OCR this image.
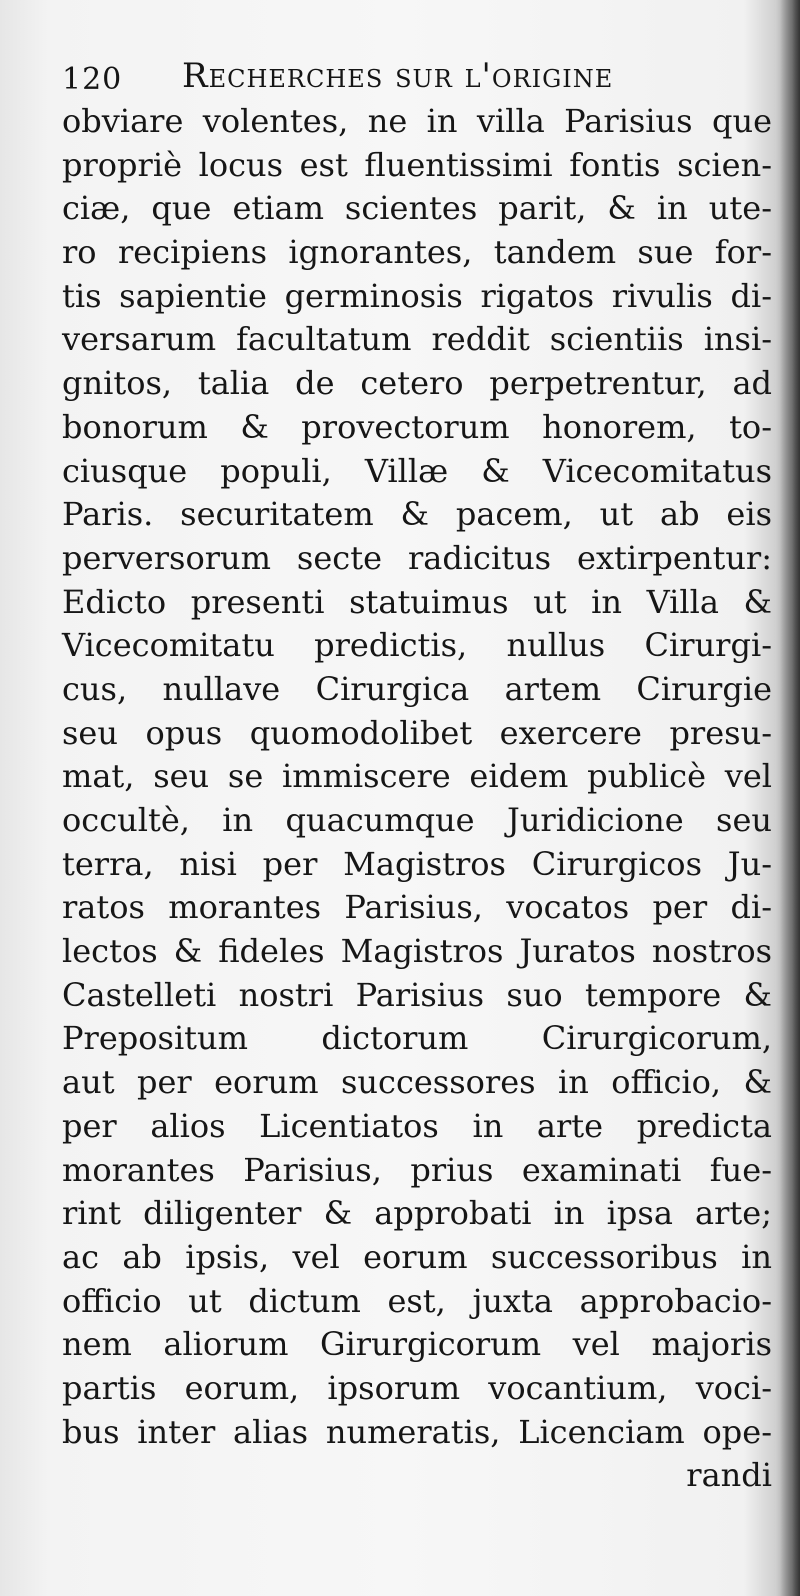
120 Recherches sur l'origine
obviare volentes, ne in villa Parisius que
propriè locus est fluentissimi fontis scien-
ciæ, que etiam scientes parit, & in ute-
ro recipiens ignorantes, tandem sue for-
tis sapientie germinosis rigatos rivulis di-
versarum facultatum reddit scientiis insi-
gnitos, talia de cetero perpetrentur, ad
bonorum & provectorum honorem, to-
ciusque populi, Villæ & Vicecomitatus
Paris. securitatem & pacem, ut ab eis
perversorum secte radicitus extirpentur:
Edicto presenti statuimus ut in Villa &
Vicecomitatu predictis, nullus Cirurgi-
cus, nullave Cirurgica artem Cirurgie
seu opus quomodolibet exercere presu-
mat, seu se immiscere eidem publicè vel
occultè, in quacumque Juridicione seu
terra, nisi per Magistros Cirurgicos Ju-
ratos morantes Parisius, vocatos per di-
lectos & fideles Magistros Juratos nostros
Castelleti nostri Parisius suo tempore &
Prepositum dictorum Cirurgicorum,
aut per eorum successores in officio, &
per alios Licentiatos in arte predicta
morantes Parisius, prius examinati fue-
rint diligenter & approbati in ipsa arte;
ac ab ipsis, vel eorum successoribus in
officio ut dictum est, juxta approbacio-
nem aliorum Girurgicorum vel majoris
partis eorum, ipsorum vocantium, voci-
bus inter alias numeratis, Licenciam ope-
randi
